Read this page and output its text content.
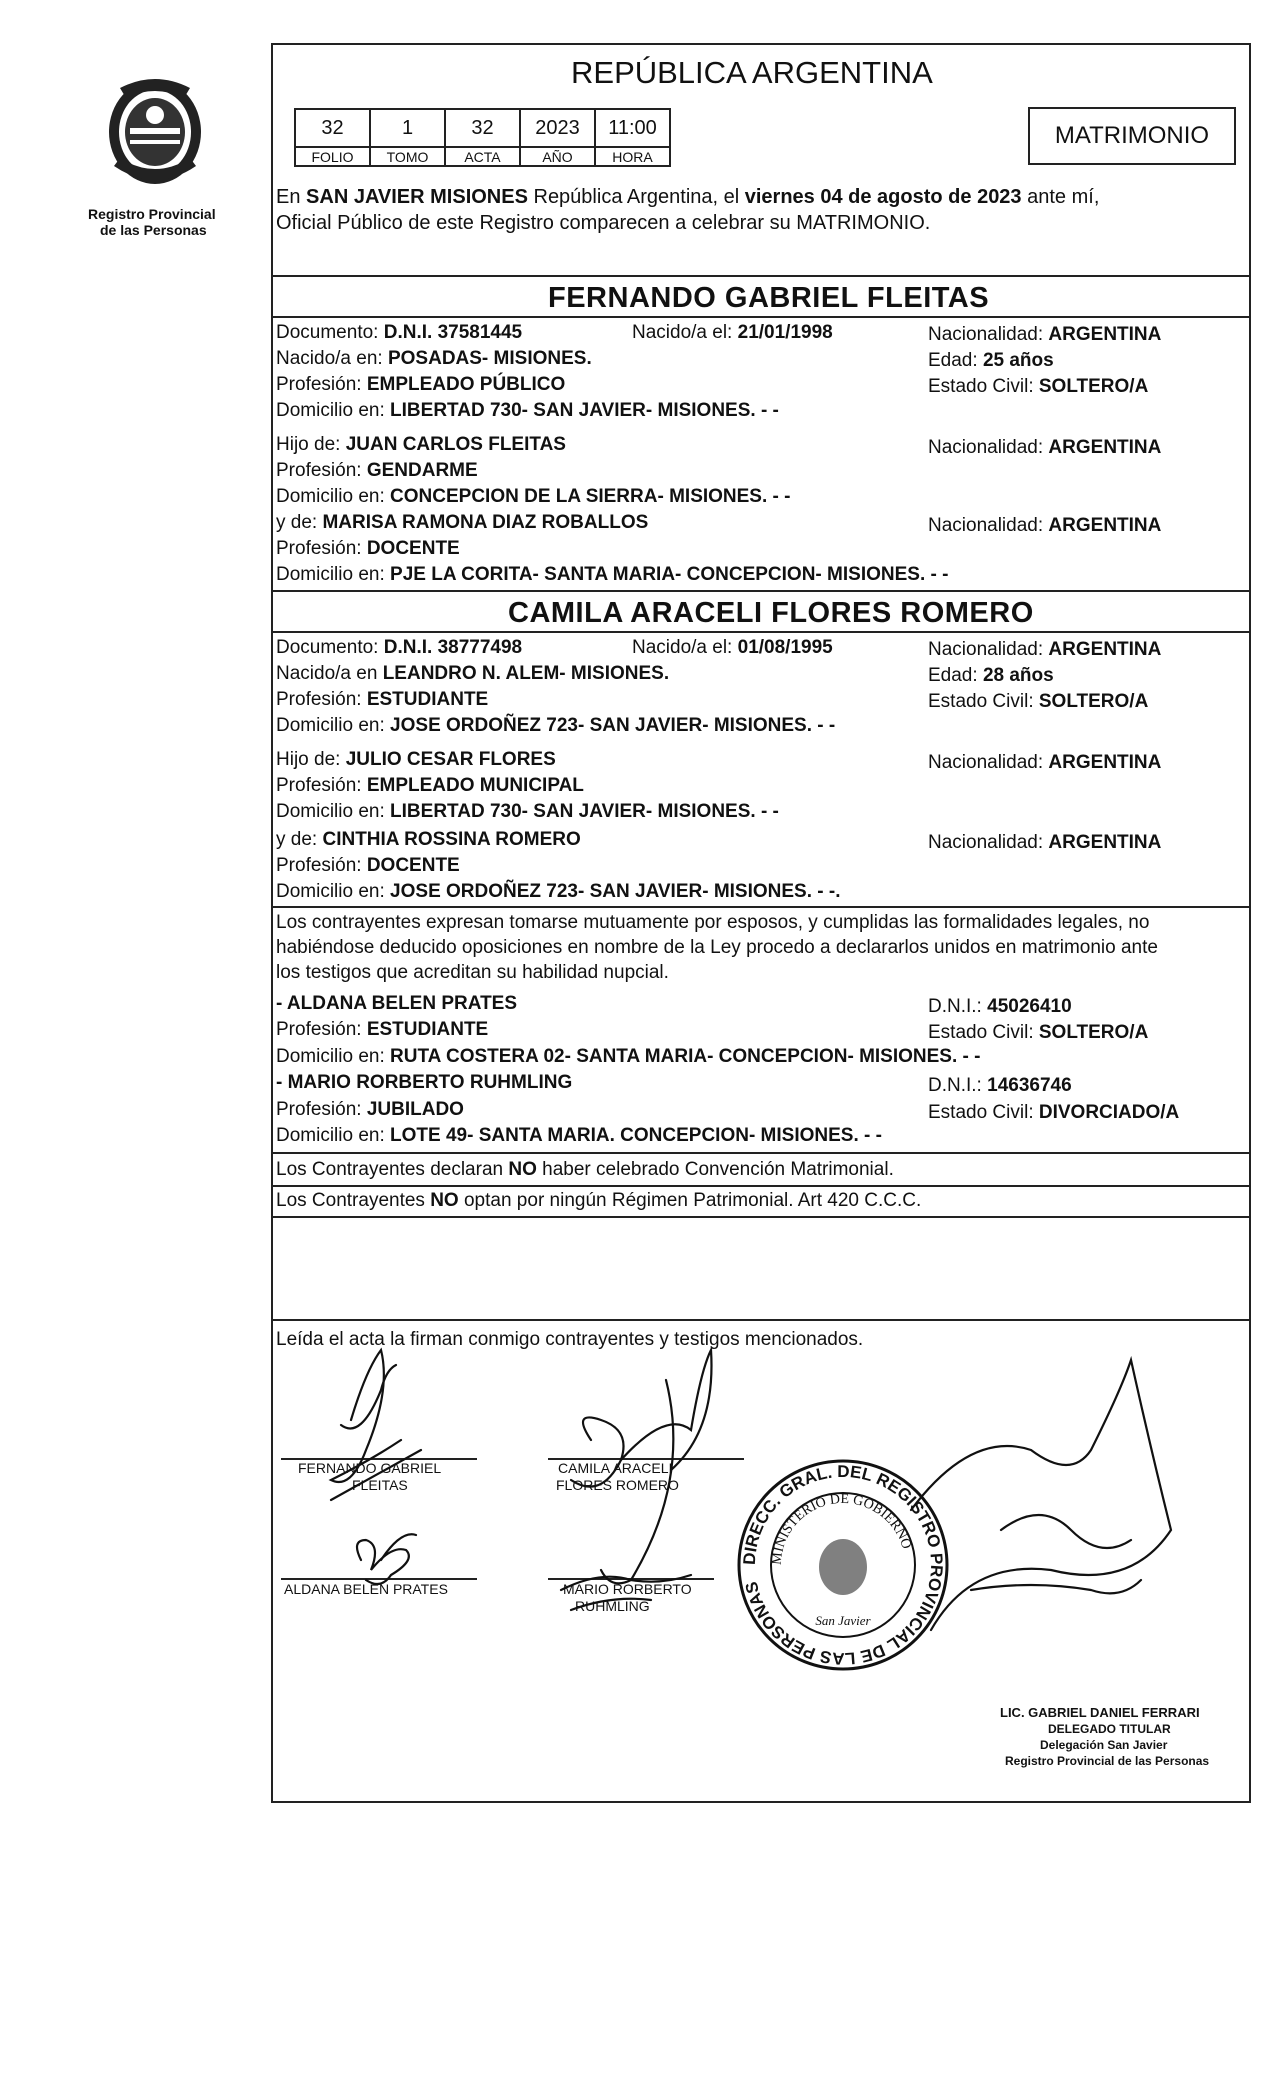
Registro Provincial
de las Personas
REPÚBLICA ARGENTINA
32	1	32	2023	11:00
FOLIO	TOMO	ACTA	AÑO	HORA
MATRIMONIO
En SAN JAVIER MISIONES República Argentina, el viernes 04 de agosto de 2023 ante mí,
Oficial Público de este Registro comparecen a celebrar su MATRIMONIO.
FERNANDO GABRIEL FLEITAS
Documento: D.N.I. 37581445	Nacido/a el: 21/01/1998	Nacionalidad: ARGENTINA
Nacido/a en: POSADAS- MISIONES.	Edad: 25 años
Profesión: EMPLEADO PÚBLICO	Estado Civil: SOLTERO/A
Domicilio en: LIBERTAD 730- SAN JAVIER- MISIONES. - -
Hijo de: JUAN CARLOS FLEITAS	Nacionalidad: ARGENTINA
Profesión: GENDARME
Domicilio en: CONCEPCION DE LA SIERRA- MISIONES. - -
y de: MARISA RAMONA DIAZ ROBALLOS	Nacionalidad: ARGENTINA
Profesión: DOCENTE
Domicilio en: PJE LA CORITA- SANTA MARIA- CONCEPCION- MISIONES. - -
CAMILA ARACELI FLORES ROMERO
Documento: D.N.I. 38777498	Nacido/a el: 01/08/1995	Nacionalidad: ARGENTINA
Nacido/a en LEANDRO N. ALEM- MISIONES.	Edad: 28 años
Profesión: ESTUDIANTE	Estado Civil: SOLTERO/A
Domicilio en: JOSE ORDOÑEZ 723- SAN JAVIER- MISIONES. - -
Hijo de: JULIO CESAR FLORES	Nacionalidad: ARGENTINA
Profesión: EMPLEADO MUNICIPAL
Domicilio en: LIBERTAD 730- SAN JAVIER- MISIONES. - -
y de: CINTHIA ROSSINA ROMERO	Nacionalidad: ARGENTINA
Profesión: DOCENTE
Domicilio en: JOSE ORDOÑEZ 723- SAN JAVIER- MISIONES. - -.
Los contrayentes expresan tomarse mutuamente por esposos, y cumplidas las formalidades legales, no
habiéndose deducido oposiciones en nombre de la Ley procedo a declararlos unidos en matrimonio ante
los testigos que acreditan su habilidad nupcial.
- ALDANA BELEN PRATES	D.N.I.: 45026410
Profesión: ESTUDIANTE	Estado Civil: SOLTERO/A
Domicilio en: RUTA COSTERA 02- SANTA MARIA- CONCEPCION- MISIONES. - -
- MARIO RORBERTO RUHMLING	D.N.I.: 14636746
Profesión: JUBILADO	Estado Civil: DIVORCIADO/A
Domicilio en: LOTE 49- SANTA MARIA. CONCEPCION- MISIONES. - -
Los Contrayentes declaran NO haber celebrado Convención Matrimonial.
Los Contrayentes NO optan por ningún Régimen Patrimonial. Art 420 C.C.C.
Leída el acta la firman conmigo contrayentes y testigos mencionados.
FERNANDO GABRIEL
FLEITAS
CAMILA ARACELI
FLORES ROMERO
ALDANA BELEN PRATES	MARIO RORBERTO
RUHMLING
DIRECC. GRAL. DEL REGISTRO PROVINCIAL DE LAS PERSONAS
MINISTERIO DE GOBIERNO
San Javier
LIC. GABRIEL DANIEL FERRARI
DELEGADO TITULAR
Delegación San Javier
Registro Provincial de las Personas
